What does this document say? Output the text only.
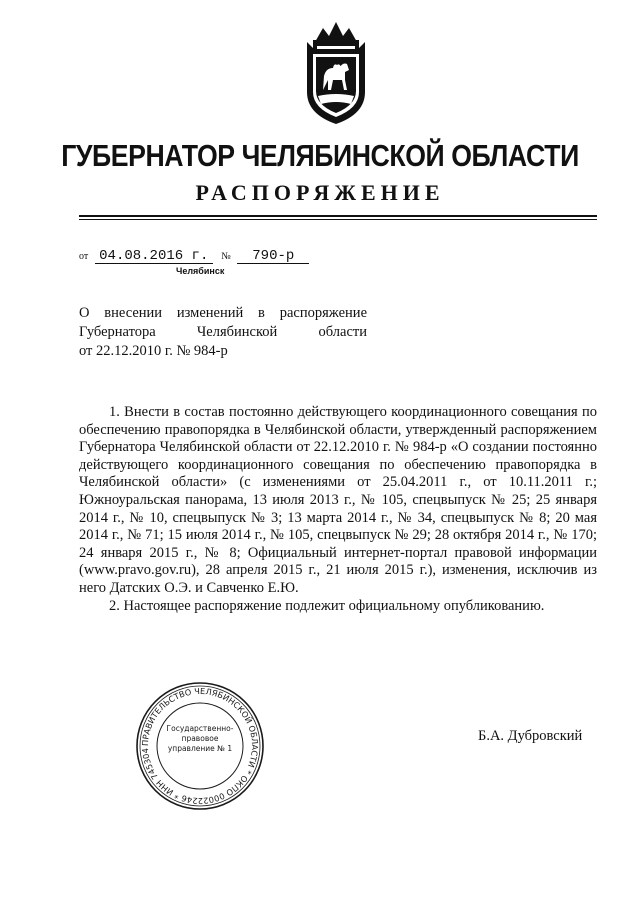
ГУБЕРНАТОР ЧЕЛЯБИНСКОЙ ОБЛАСТИ
РАСПОРЯЖЕНИЕ
от 04.08.2016 г. № 790-р
Челябинск
О внесении изменений в распоряжение
Губернатора Челябинской области
от 22.12.2010 г. № 984-р

1. Внести в состав постоянно действующего координационного совещания по обеспечению правопорядка в Челябинской области, утвержденный распоряжением Губернатора Челябинской области от 22.12.2010 г. № 984-р «О создании постоянно действующего координационного совещания по обеспечению правопорядка в Челябинской области» (с изменениями от 25.04.2011 г., от 10.11.2011 г.; Южноуральская панорама, 13 июля 2013 г., № 105, спецвыпуск № 25; 25 января 2014 г., № 10, спецвыпуск № 3; 13 марта 2014 г., № 34, спецвыпуск № 8; 20 мая 2014 г., № 71; 15 июля 2014 г., № 105, спецвыпуск № 29; 28 октября 2014 г., № 170; 24 января 2015 г., № 8; Официальный интернет-портал правовой информации (www.pravo.gov.ru), 28 апреля 2015 г., 21 июля 2015 г.), изменения, исключив из него Датских О.Э. и Савченко Е.Ю.

2. Настоящее распоряжение подлежит официальному опубликованию.

ПРАВИТЕЛЬСТВО ЧЕЛЯБИНСКОЙ ОБЛАСТИ * ОКПО 00022246 * ИНН 745304
Государственно-правовое управление № 1
Б.А. Дубровский
